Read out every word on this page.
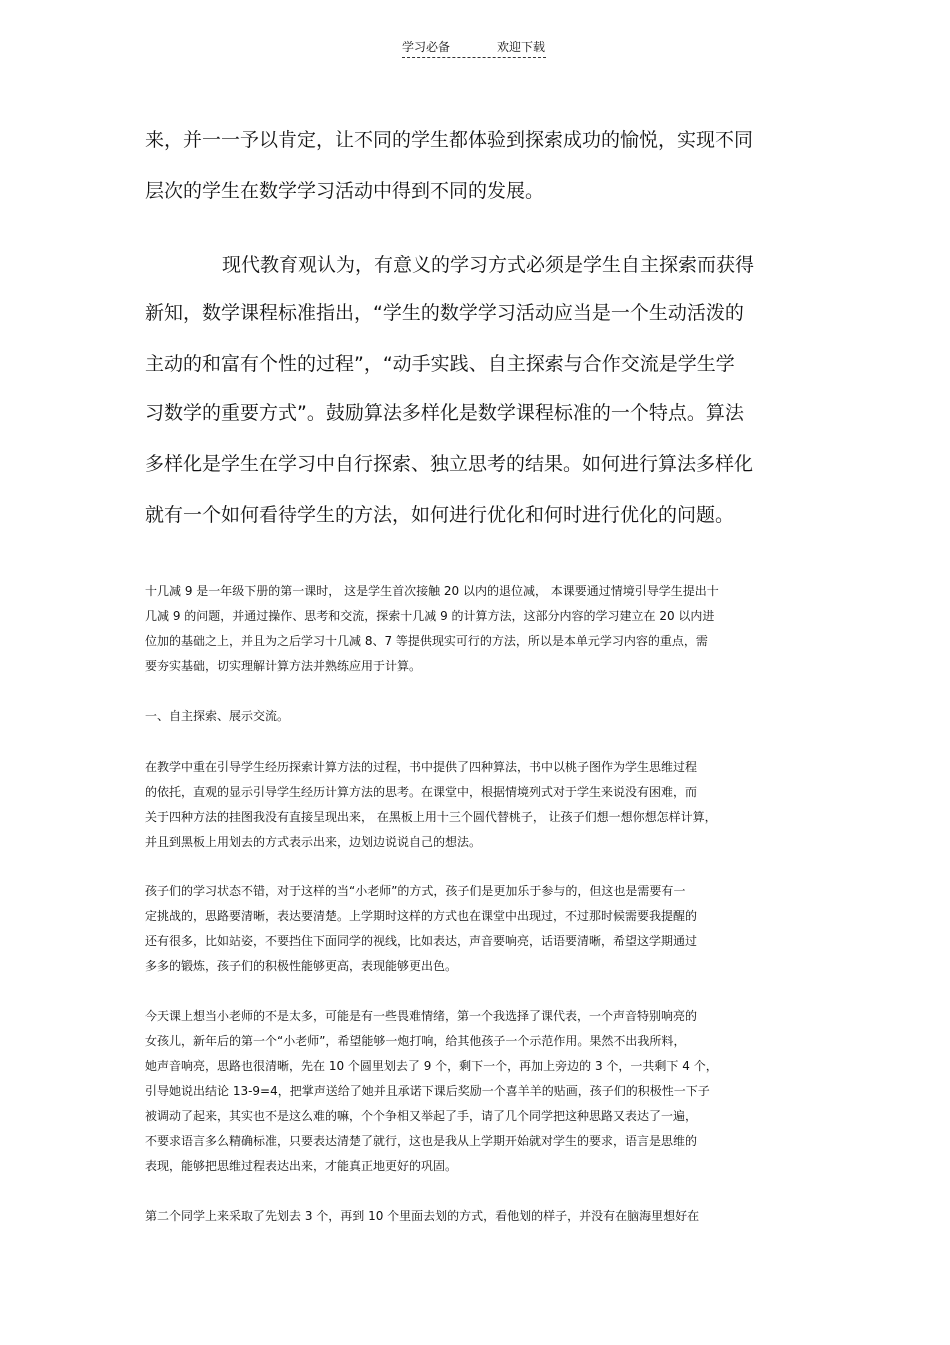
学习必备	欢迎下载
来，并一一予以肯定，让不同的学生都体验到探索成功的愉悦，实现不同
层次的学生在数学学习活动中得到不同的发展。
现代教育观认为，有意义的学习方式必须是学生自主探索而获得
新知，数学课程标准指出，“学生的数学学习活动应当是一个生动活泼的
主动的和富有个性的过程”，“动手实践、自主探索与合作交流是学生学
习数学的重要方式”。鼓励算法多样化是数学课程标准的一个特点。算法
多样化是学生在学习中自行探索、独立思考的结果。如何进行算法多样化
就有一个如何看待学生的方法，如何进行优化和何时进行优化的问题。
十几减 9 是一年级下册的第一课时， 这是学生首次接触 20 以内的退位减， 本课要通过情境引导学生提出十
几减 9 的问题，并通过操作、思考和交流，探索十几减 9 的计算方法，这部分内容的学习建立在 20 以内进
位加的基础之上，并且为之后学习十几减 8、7 等提供现实可行的方法，所以是本单元学习内容的重点，需
要夯实基础，切实理解计算方法并熟练应用于计算。
一、自主探索、展示交流。
在教学中重在引导学生经历探索计算方法的过程，书中提供了四种算法，书中以桃子图作为学生思维过程
的依托，直观的显示引导学生经历计算方法的思考。在课堂中，根据情境列式对于学生来说没有困难，而
关于四种方法的挂图我没有直接呈现出来， 在黑板上用十三个圆代替桃子， 让孩子们想一想你想怎样计算，
并且到黑板上用划去的方式表示出来，边划边说说自己的想法。
孩子们的学习状态不错，对于这样的当“小老师”的方式，孩子们是更加乐于参与的，但这也是需要有一
定挑战的，思路要清晰，表达要清楚。上学期时这样的方式也在课堂中出现过，不过那时候需要我提醒的
还有很多，比如站姿，不要挡住下面同学的视线，比如表达，声音要响亮，话语要清晰，希望这学期通过
多多的锻炼，孩子们的积极性能够更高，表现能够更出色。
今天课上想当小老师的不是太多，可能是有一些畏难情绪，第一个我选择了课代表，一个声音特别响亮的
女孩儿，新年后的第一个“小老师”，希望能够一炮打响，给其他孩子一个示范作用。果然不出我所料，
她声音响亮，思路也很清晰，先在 10 个圆里划去了 9 个，剩下一个，再加上旁边的 3 个，一共剩下 4 个，
引导她说出结论 13-9=4，把掌声送给了她并且承诺下课后奖励一个喜羊羊的贴画，孩子们的积极性一下子
被调动了起来，其实也不是这么难的嘛，个个争相又举起了手，请了几个同学把这种思路又表达了一遍，
不要求语言多么精确标准，只要表达清楚了就行，这也是我从上学期开始就对学生的要求，语言是思维的
表现，能够把思维过程表达出来，才能真正地更好的巩固。
第二个同学上来采取了先划去 3 个，再到 10 个里面去划的方式，看他划的样子，并没有在脑海里想好在
